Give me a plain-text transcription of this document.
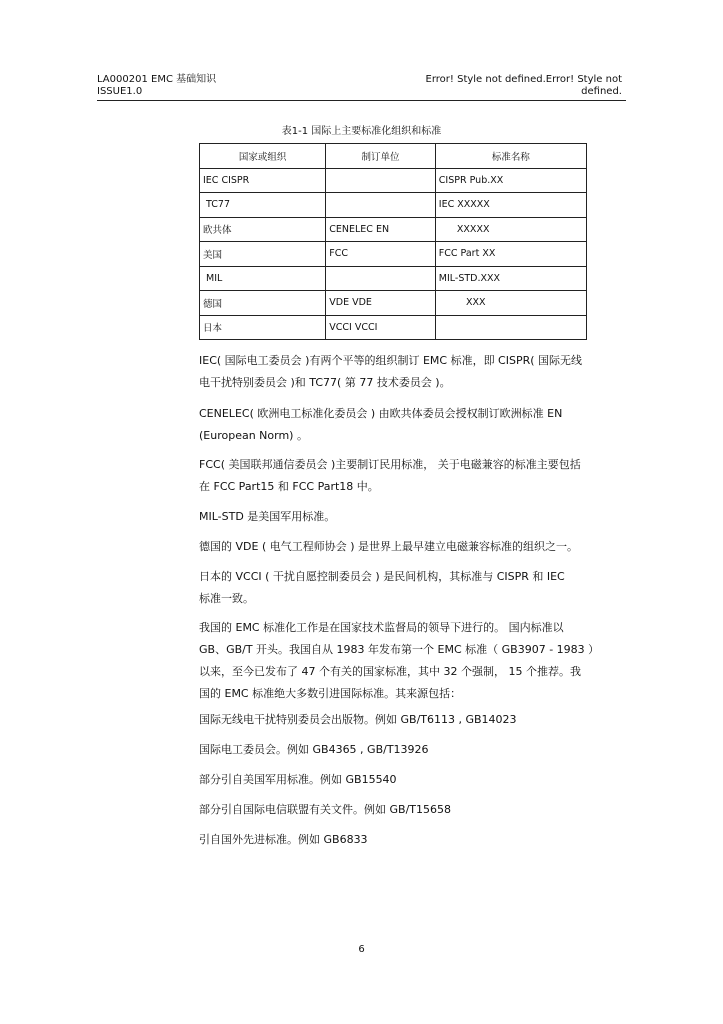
LA000201 EMC 基础知识
ISSUE1.0
Error! Style not defined.Error! Style not defined.
表1-1 国际上主要标准化组织和标准
国家或组织	制订单位	标准名称
IEC CISPR		CISPR Pub.XX
TC77		IEC XXXXX
欧共体	CENELEC EN	XXXXX
美国	FCC	FCC Part XX
MIL		MIL-STD.XXX
德国	VDE VDE	XXX
日本	VCCI VCCI	
IEC( 国际电工委员会 )有两个平等的组织制订 EMC 标准，即 CISPR( 国际无线
电干扰特别委员会 )和 TC77( 第 77 技术委员会 )。
CENELEC( 欧洲电工标准化委员会 ) 由欧共体委员会授权制订欧洲标准 EN
(European Norm) 。
FCC( 美国联邦通信委员会 )主要制订民用标准， 关于电磁兼容的标准主要包括
在 FCC Part15 和 FCC Part18 中。
MIL-STD 是美国军用标准。
德国的 VDE ( 电气工程师协会 ) 是世界上最早建立电磁兼容标准的组织之一。
日本的 VCCI ( 干扰自愿控制委员会 ) 是民间机构，其标准与 CISPR 和 IEC
标准一致。
我国的 EMC 标准化工作是在国家技术监督局的领导下进行的。 国内标准以
GB、GB/T 开头。我国自从 1983 年发布第一个 EMC 标准（ GB3907 - 1983 ）
以来，至今已发布了 47 个有关的国家标准，其中 32 个强制， 15 个推荐。我
国的 EMC 标准绝大多数引进国际标准。其来源包括：
国际无线电干扰特别委员会出版物。例如 GB/T6113 , GB14023
国际电工委员会。例如 GB4365 , GB/T13926
部分引自美国军用标准。例如 GB15540
部分引自国际电信联盟有关文件。例如 GB/T15658
引自国外先进标准。例如 GB6833
6
